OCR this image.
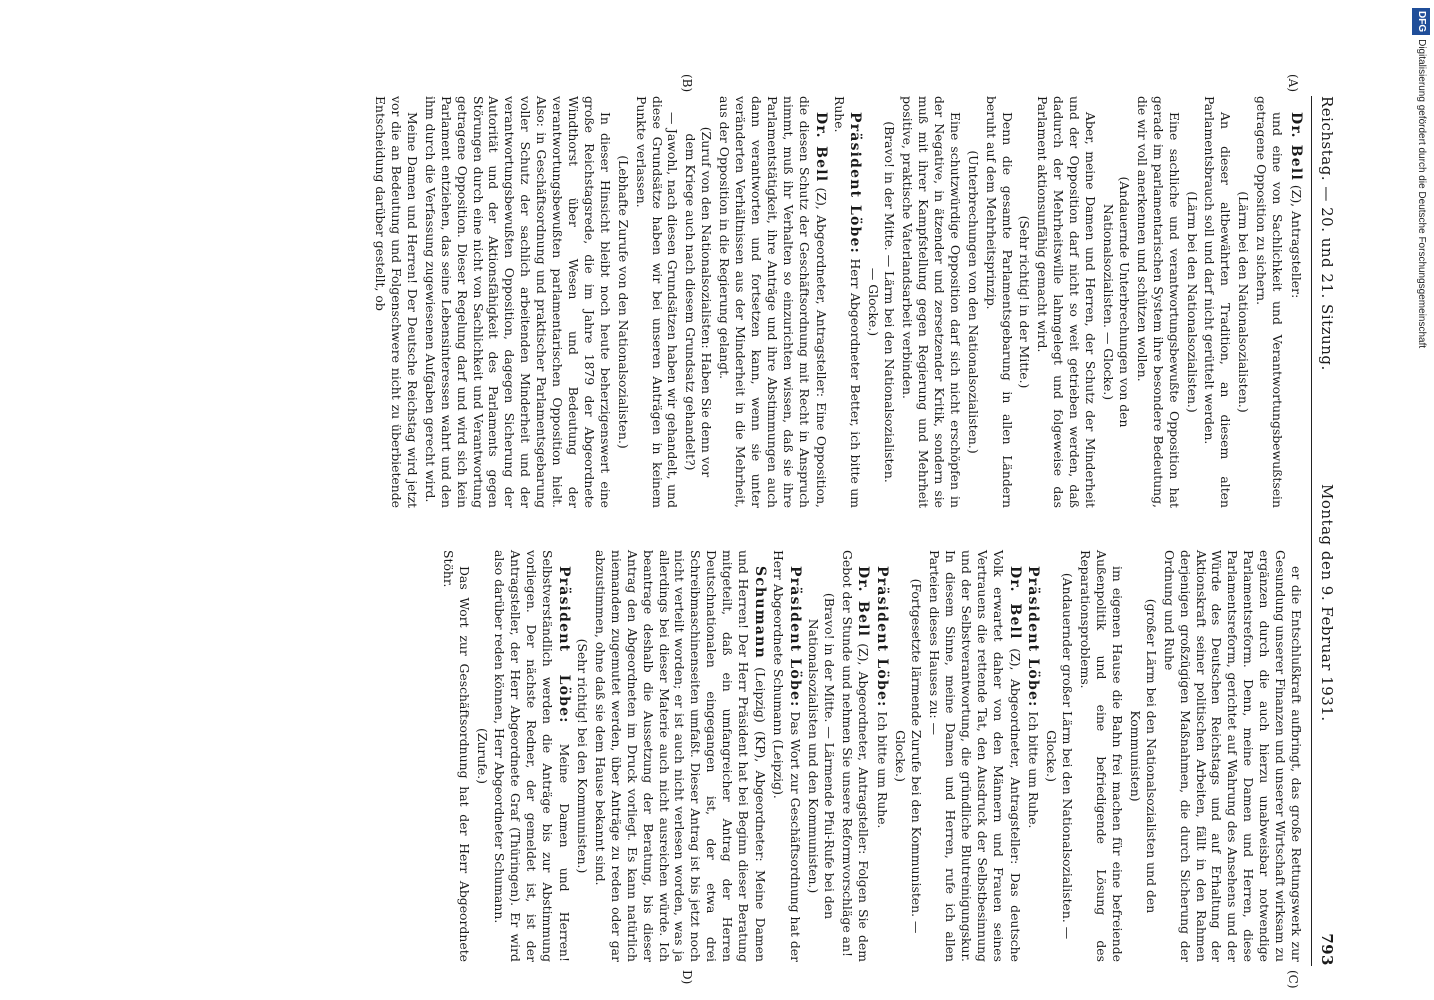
Reichstag. — 20. und 21. Sitzung.
Montag den 9. Februar 1931.
793

Dr. Bell (Z), Antragsteller:

und eine von Sachlichkeit und Verantwortungsbewußtsein getragene Opposition zu sichern.

(Lärm bei den Nationalsozialisten.)

An dieser altbewährten Tradition, an diesem alten Parlamentsbrauch soll und darf nicht gerüttelt werden.

(Lärm bei den Nationalsozialisten.)

Eine sachliche und verantwortungsbewußte Opposition hat gerade im parlamentarischen System ihre besondere Bedeutung, die wir voll anerkennen und schützen wollen.

(Andauernde Unterbrechungen von den Nationalsozialisten. — Glocke.)

Aber, meine Damen und Herren, der Schutz der Minderheit und der Opposition darf nicht so weit getrieben werden, daß dadurch der Mehrheitswille lahmgelegt und folgeweise das Parlament aktionsunfähig gemacht wird.

(Sehr richtig! in der Mitte.)

Denn die gesamte Parlamentsgebarung in allen Ländern beruht auf dem Mehrheitsprinzip.

(Unterbrechungen von den Nationalsozialisten.)

Eine schutzwürdige Opposition darf sich nicht erschöpfen in der Negative, in ätzender und zersetzender Kritik, sondern sie muß mit ihrer Kampfstellung gegen Regierung und Mehrheit positive, praktische Vaterlandsarbeit verbinden.

(Bravo! in der Mitte. — Lärm bei den Nationalsozialisten. — Glocke.)

Präsident Löbe: Herr Abgeordneter Better, ich bitte um Ruhe.

Dr. Bell (Z), Abgeordneter, Antragsteller: Eine Opposition, die diesen Schutz der Geschäftsordnung mit Recht in Anspruch nimmt, muß ihr Verhalten so einzurichten wissen, daß sie ihre Parlamentstätigkeit, ihre Anträge und ihre Abstimmungen auch dann verantworten und fortsetzen kann, wenn sie unter veränderten Verhältnissen aus der Minderheit in die Mehrheit, aus der Opposition in die Regierung gelangt.

(Zuruf von den Nationalsozialisten: Haben Sie denn vor dem Kriege auch nach diesem Grundsatz gehandelt?)

— Jawohl, nach diesen Grundsätzen haben wir gehandelt, und diese Grundsätze haben wir bei unseren Anträgen in keinem Punkte verlassen.

(Lebhafte Zurufe von den Nationalsozialisten.)

In dieser Hinsicht bleibt noch heute beherzigenswert eine große Reichstagsrede, die im Jahre 1879 der Abgeordnete Windthorst über Wesen und Bedeutung der verantwortungsbewußten parlamentarischen Opposition hielt. Also: in Geschäftsordnung und praktischer Parlamentsgebarung voller Schutz der sachlich arbeitenden Minderheit und der verantwortungsbewußten Opposition, dagegen Sicherung der Autorität und der Aktionsfähigkeit des Parlaments gegen Störungen durch eine nicht von Sachlichkeit und Verantwortung getragene Opposition. Dieser Regelung darf und wird sich kein Parlament entziehen, das seine Lebensinteressen wahrt und den ihm durch die Verfassung zugewiesenen Aufgaben gerecht wird.

Meine Damen und Herren! Der Deutsche Reichstag wird jetzt vor die an Bedeutung und Folgenschwere nicht zu überbietende Entscheidung darüber gestellt, ob

er die Entschlußkraft aufbringt, das große Rettungswerk zur Gesundung unserer Finanzen und unserer Wirtschaft wirksam zu ergänzen durch die auch hierzu unabweisbar notwendige Parlamentsreform. Denn, meine Damen und Herren, diese Parlamentsreform, gerichtet auf Wahrung des Ansehens und der Würde des Deutschen Reichstags und auf Erhaltung der Aktionskraft seiner politischen Arbeiten, fällt in den Rahmen derjenigen großzügigen Maßnahmen, die durch Sicherung der Ordnung und Ruhe

(großer Lärm bei den Nationalsozialisten und den Kommunisten)

im eigenen Hause die Bahn frei machen für eine befreiende Außenpolitik und eine befriedigende Lösung des Reparationsproblems.

(Andauernder großer Lärm bei den Nationalsozialisten. — Glocke.)

Präsident Löbe: Ich bitte um Ruhe.

Dr. Bell (Z), Abgeordneter, Antragsteller: Das deutsche Volk erwartet daher von den Männern und Frauen seines Vertrauens die rettende Tat, den Ausdruck der Selbstbesinnung und der Selbstverantwortung, die gründliche Blutreinigungskur. In diesem Sinne, meine Damen und Herren, rufe ich allen Parteien dieses Hauses zu: —

(Fortgesetzte lärmende Zurufe bei den Kommunisten. — Glocke.)

Präsident Löbe: Ich bitte um Ruhe.

Dr. Bell (Z), Abgeordneter, Antragsteller: Folgen Sie dem Gebot der Stunde und nehmen Sie unsere Reformvorschläge an!

(Bravo! in der Mitte. — Lärmende Pfui-Rufe bei den Nationalsozialisten und den Kommunisten.)

Präsident Löbe: Das Wort zur Geschäftsordnung hat der Herr Abgeordnete Schumann (Leipzig).

Schumann (Leipzig) (KP), Abgeordneter: Meine Damen und Herren! Der Herr Präsident hat bei Beginn dieser Beratung mitgeteilt, daß ein umfangreicher Antrag der Herren Deutschnationalen eingegangen ist, der etwa drei Schreibmaschinenseiten umfaßt. Dieser Antrag ist bis jetzt noch nicht verteilt worden; er ist auch nicht verlesen worden, was ja allerdings bei dieser Materie auch nicht ausreichen würde. Ich beantrage deshalb die Aussetzung der Beratung, bis dieser Antrag den Abgeordneten im Druck vorliegt. Es kann natürlich niemandem zugemutet werden, über Anträge zu reden oder gar abzustimmen, ohne daß sie dem Hause bekannt sind.

(Sehr richtig! bei den Kommunisten.)

Präsident Löbe: Meine Damen und Herren! Selbstverständlich werden die Anträge bis zur Abstimmung vorliegen. Der nächste Redner, der gemeldet ist, ist der Antragsteller, der Herr Abgeordnete Graf (Thüringen). Er wird also darüber reden können, Herr Abgeordneter Schumann.

(Zurufe.)

Das Wort zur Geschäftsordnung hat der Herr Abgeordnete Stöhr.

(A)
(B)
(C)
D)
DFGDigitalisierung gefördert durch die Deutsche Forschungsgemeinschaft
